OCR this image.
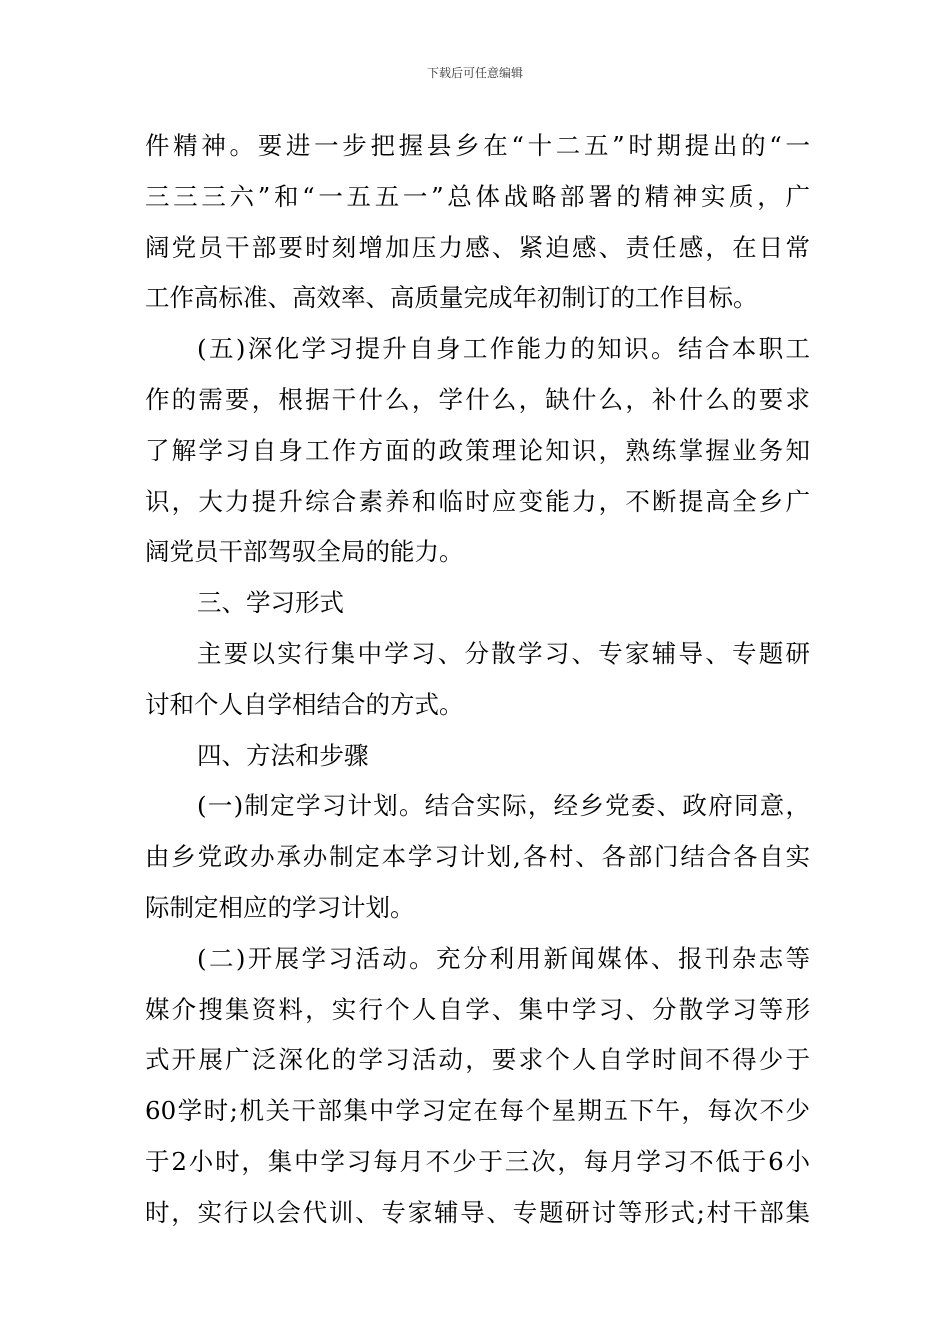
下载后可任意编辑
件精神。要进一步把握县乡在“十二五”时期提出的“一
三三三六”和“一五五一”总体战略部署的精神实质，广
阔党员干部要时刻增加压力感、紧迫感、责任感，在日常
工作高标准、高效率、高质量完成年初制订的工作目标。
(五)深化学习提升自身工作能力的知识。结合本职工
作的需要，根据干什么，学什么，缺什么，补什么的要求
了解学习自身工作方面的政策理论知识，熟练掌握业务知
识，大力提升综合素养和临时应变能力，不断提高全乡广
阔党员干部驾驭全局的能力。
三、学习形式
主要以实行集中学习、分散学习、专家辅导、专题研
讨和个人自学相结合的方式。
四、方法和步骤
(一)制定学习计划。结合实际，经乡党委、政府同意，
由乡党政办承办制定本学习计划,各村、各部门结合各自实
际制定相应的学习计划。
(二)开展学习活动。充分利用新闻媒体、报刊杂志等
媒介搜集资料，实行个人自学、集中学习、分散学习等形
式开展广泛深化的学习活动，要求个人自学时间不得少于
60学时;机关干部集中学习定在每个星期五下午，每次不少
于2小时，集中学习每月不少于三次，每月学习不低于6小
时，实行以会代训、专家辅导、专题研讨等形式;村干部集
